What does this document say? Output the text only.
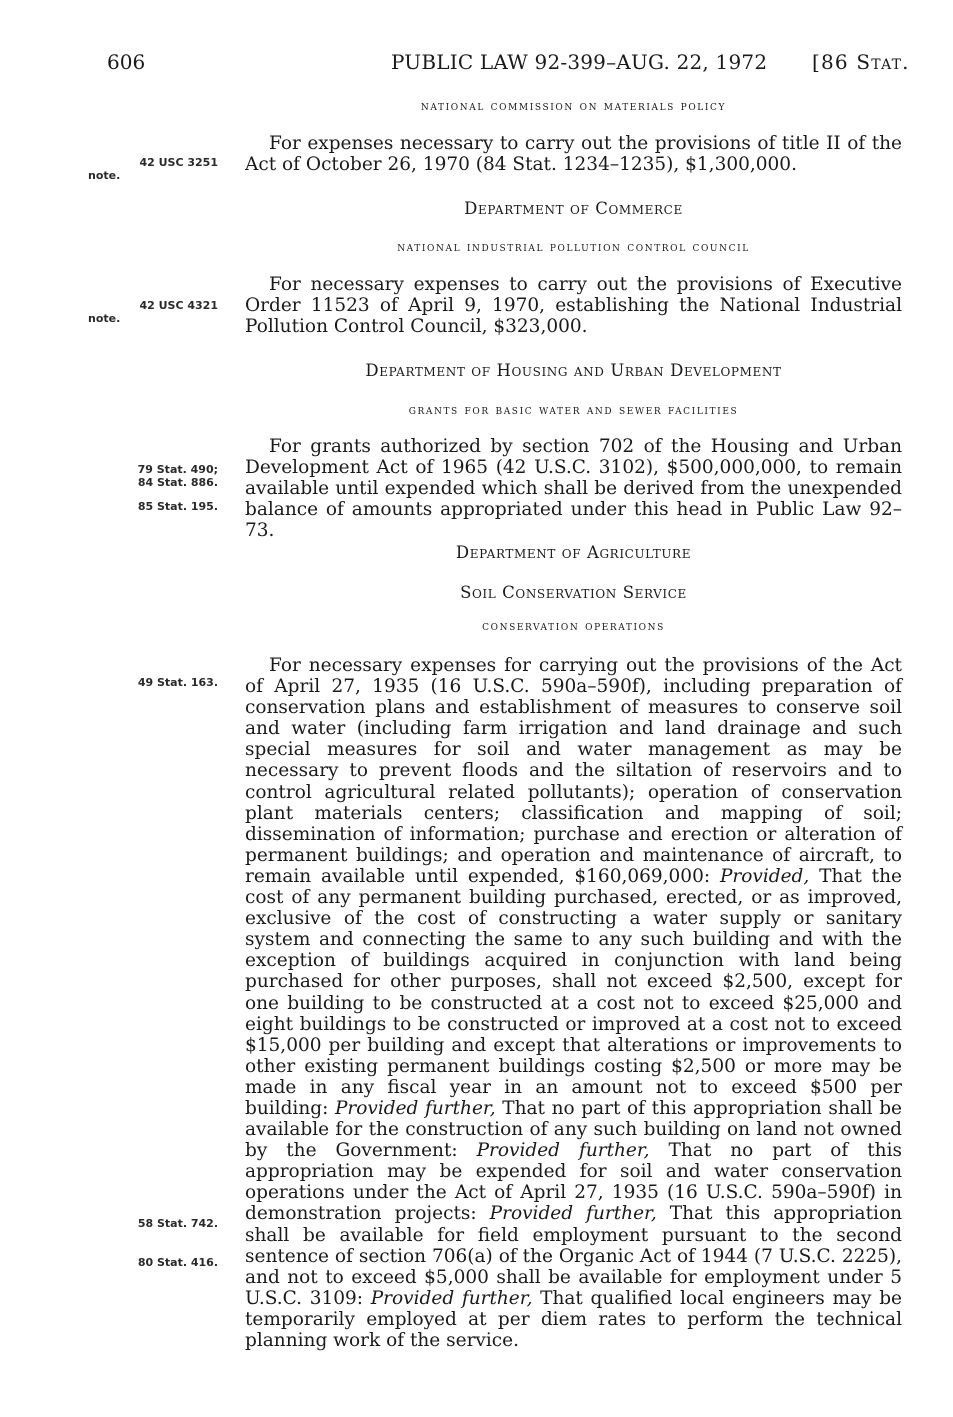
606	PUBLIC LAW 92-399–AUG. 22, 1972 [86 Stat.
national commission on materials policy

For expenses necessary to carry out the provisions of title II of the Act of October 26, 1970 (84 Stat. 1234–1235), $1,300,000.

42 USC 3251
note.
Department of Commerce
national industrial pollution control council

For necessary expenses to carry out the provisions of Executive Order 11523 of April 9, 1970, establishing the National Industrial Pollution Control Council, $323,000.

42 USC 4321
note.
Department of Housing and Urban Development
grants for basic water and sewer facilities

For grants authorized by section 702 of the Housing and Urban Development Act of 1965 (42 U.S.C. 3102), $500,000,000, to remain available until expended which shall be derived from the unexpended balance of amounts appropriated under this head in Public Law 92–73.

79 Stat. 490;
84 Stat. 886.
85 Stat. 195.
Department of Agriculture
Soil Conservation Service
conservation operations

For necessary expenses for carrying out the provisions of the Act of April 27, 1935 (16 U.S.C. 590a–590f), including preparation of conservation plans and establishment of measures to conserve soil and water (including farm irrigation and land drainage and such special measures for soil and water management as may be necessary to prevent floods and the siltation of reservoirs and to control agricultural related pollutants); operation of conservation plant materials centers; classification and mapping of soil; dissemination of information; purchase and erection or alteration of permanent buildings; and operation and maintenance of aircraft, to remain available until expended, $160,069,000: Provided, That the cost of any permanent building purchased, erected, or as improved, exclusive of the cost of constructing a water supply or sanitary system and connecting the same to any such building and with the exception of buildings acquired in conjunction with land being purchased for other purposes, shall not exceed $2,500, except for one building to be constructed at a cost not to exceed $25,000 and eight buildings to be constructed or improved at a cost not to exceed $15,000 per building and except that alterations or improvements to other existing permanent buildings costing $2,500 or more may be made in any fiscal year in an amount not to exceed $500 per building: Provided further, That no part of this appropriation shall be available for the construction of any such building on land not owned by the Government: Provided further, That no part of this appropriation may be expended for soil and water conservation operations under the Act of April 27, 1935 (16 U.S.C. 590a–590f) in demonstration projects: Provided further, That this appropriation shall be available for field employment pursuant to the second sentence of section 706(a) of the Organic Act of 1944 (7 U.S.C. 2225), and not to exceed $5,000 shall be available for employment under 5 U.S.C. 3109: Provided further, That qualified local engineers may be temporarily employed at per diem rates to perform the technical planning work of the service.

49 Stat. 163.
58 Stat. 742.
80 Stat. 416.
